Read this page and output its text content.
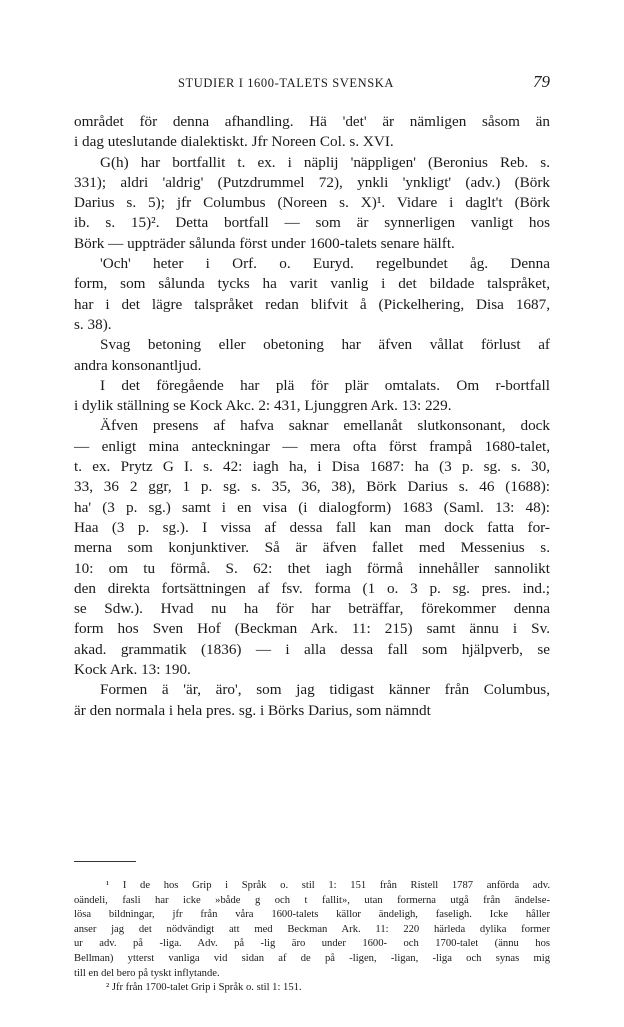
STUDIER I 1600-TALETS SVENSKA	79

området för denna afhandling. Hä 'det' är nämligen såsom än

i dag uteslutande dialektiskt. Jfr Noreen Col. s. XVI.

G(h) har bortfallit t. ex. i näplij 'näppligen' (Beronius Reb. s.

331); aldri 'aldrig' (Putzdrummel 72), ynkli 'ynkligt' (adv.) (Börk

Darius s. 5); jfr Columbus (Noreen s. X)¹. Vidare i daglt't (Börk

ib. s. 15)². Detta bortfall — som är synnerligen vanligt hos

Börk — uppträder sålunda först under 1600-talets senare hälft.

'Och' heter i Orf. o. Euryd. regelbundet åg. Denna

form, som sålunda tycks ha varit vanlig i det bildade talspråket,

har i det lägre talspråket redan blifvit å (Pickelhering, Disa 1687,

s. 38).

Svag betoning eller obetoning har äfven vållat förlust af

andra konsonantljud.

I det föregående har plä för plär omtalats. Om r-bortfall

i dylik ställning se Kock Akc. 2: 431, Ljunggren Ark. 13: 229.

Äfven presens af hafva saknar emellanåt slutkonsonant, dock

— enligt mina anteckningar — mera ofta först frampå 1680-talet,

t. ex. Prytz G I. s. 42: iagh ha, i Disa 1687: ha (3 p. sg. s. 30,

33, 36 2 ggr, 1 p. sg. s. 35, 36, 38), Börk Darius s. 46 (1688):

ha' (3 p. sg.) samt i en visa (i dialogform) 1683 (Saml. 13: 48):

Haa (3 p. sg.). I vissa af dessa fall kan man dock fatta for-

merna som konjunktiver. Så är äfven fallet med Messenius s.

10: om tu förmå. S. 62: thet iagh förmå innehåller sannolikt

den direkta fortsättningen af fsv. forma (1 o. 3 p. sg. pres. ind.;

se Sdw.). Hvad nu ha för har beträffar, förekommer denna

form hos Sven Hof (Beckman Ark. 11: 215) samt ännu i Sv.

akad. grammatik (1836) — i alla dessa fall som hjälpverb, se

Kock Ark. 13: 190.

Formen ä 'är, äro', som jag tidigast känner från Columbus,

är den normala i hela pres. sg. i Börks Darius, som nämndt

¹ I de hos Grip i Språk o. stil 1: 151 från Ristell 1787 anförda adv.

oändeli, fasli har icke »både g och t fallit», utan formerna utgå från ändelse-

lösa bildningar, jfr från våra 1600-talets källor ändeligh, faseligh. Icke håller

anser jag det nödvändigt att med Beckman Ark. 11: 220 härleda dylika former

ur adv. på -liga. Adv. på -lig äro under 1600- och 1700-talet (ännu hos

Bellman) ytterst vanliga vid sidan af de på -ligen, -ligan, -liga och synas mig

till en del bero på tyskt inflytande.

² Jfr från 1700-talet Grip i Språk o. stil 1: 151.
